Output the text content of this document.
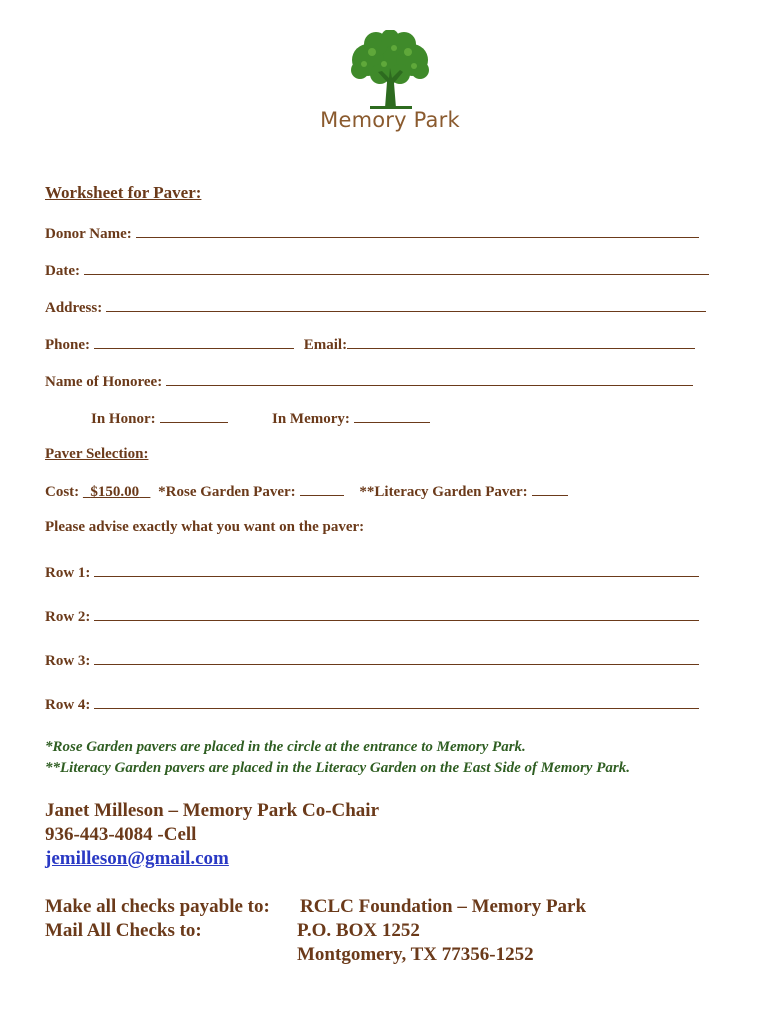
Memory Park
Worksheet for Paver:
Donor Name:
Date:
Address:
Phone:	Email:
Name of Honoree:
In Honor:	In Memory:
Paver Selection:
Cost: $150.00 *Rose Garden Paver:	**Literacy Garden Paver:
Please advise exactly what you want on the paver:
Row 1:
Row 2:
Row 3:
Row 4:
*Rose Garden pavers are placed in the circle at the entrance to Memory Park.
**Literacy Garden pavers are placed in the Literacy Garden on the East Side of Memory Park.
Janet Milleson – Memory Park Co-Chair
936-443-4084 -Cell
jemilleson@gmail.com
Make all checks payable to: RCLC Foundation – Memory Park
Mail All Checks to:	P.O. BOX 1252
Montgomery, TX 77356-1252
